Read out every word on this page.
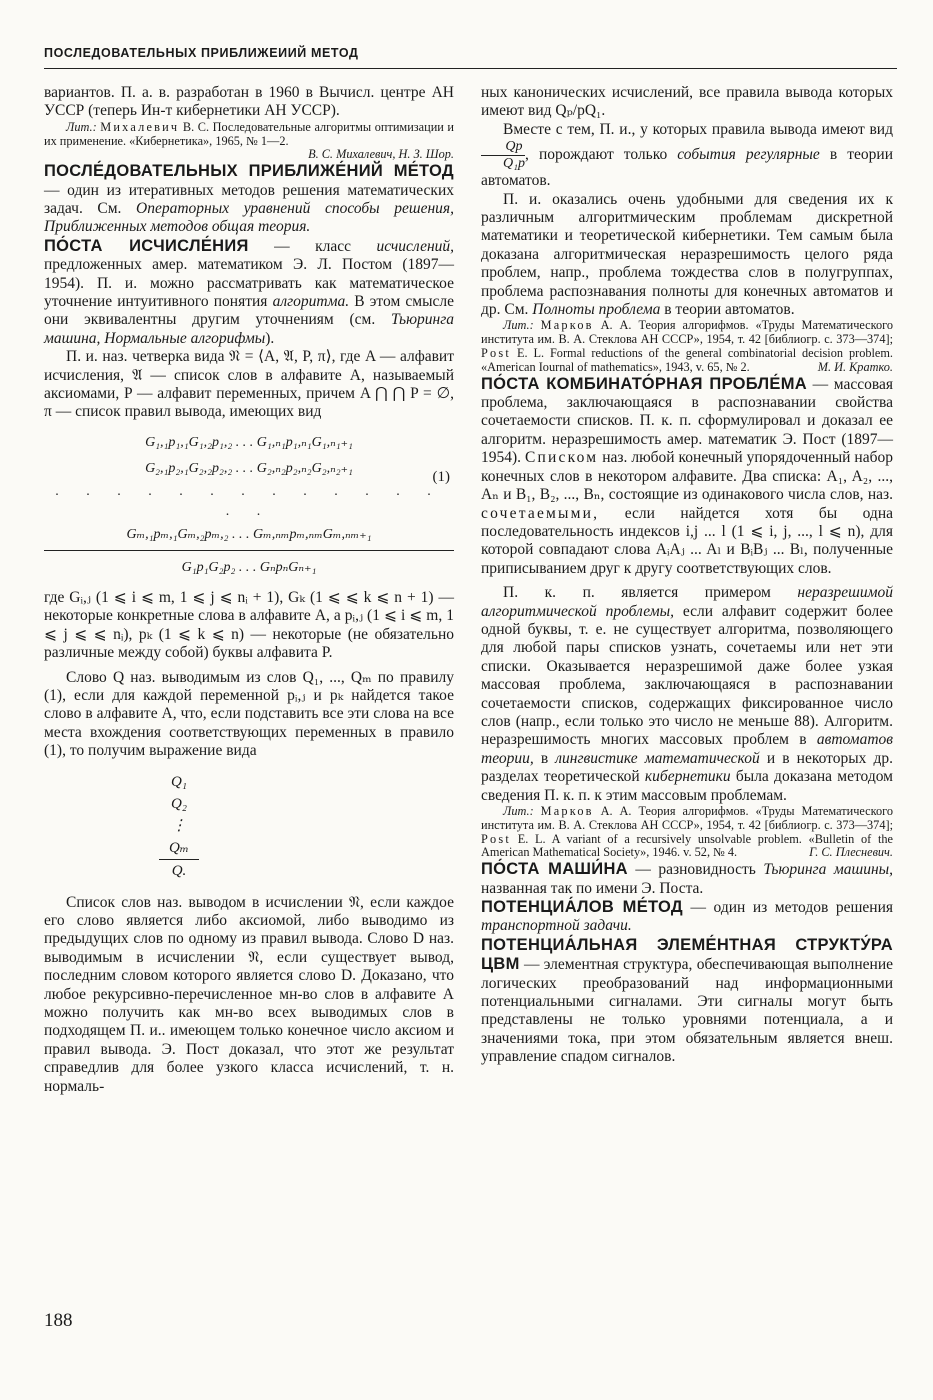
ПОСЛЕДОВАТЕЛЬНЫХ ПРИБЛИЖЕИИЙ МЕТОД

вариантов. П. а. в. разработан в 1960 в Вычисл. центре АН УССР (теперь Ин-т кибернетики АН УССР).

Лит.: Михалевич В. С. Последовательные алгоритмы оптимизации и их применение. «Кибернетика», 1965, № 1—2.
В. С. Михалевич, Н. З. Шор.

ПОСЛЕ́ДОВАТЕЛЬНЫХ ПРИБЛИЖЕ́НИЙ МЕ́ТОД — один из итеративных методов решения математических задач. См. Операторных уравнений способы решения, Приближенных методов общая теория.

ПО́СТА ИСЧИСЛЕ́НИЯ — класс исчислений, предложенных амер. математиком Э. Л. Постом (1897—1954). П. и. можно рассматривать как математическое уточнение интуитивного понятия алгоритма. В этом смысле они эквивалентны другим уточнениям (см. Тьюринга машина, Нормальные алгорифмы).

П. и. наз. четверка вида 𝔑 = ⟨A, 𝔄, P, π⟩, где A — алфавит исчисления, 𝔄 — список слов в алфавите A, называемый аксиомами, P — алфавит переменных, причем A ⋂ ⋂ P = ∅, π — список правил вывода, имеющих вид

G₁,₁p₁,₁G₁,₂p₁,₂ . . . G₁,ₙ₁p₁,ₙ₁G₁,ₙ₁₊₁
G₂,₁p₂,₁G₂,₂p₂,₂ . . . G₂,ₙ₂p₂,ₙ₂G₂,ₙ₂₊₁
(1)
. . . . . . . . . . . . . . .
Gₘ,₁pₘ,₁Gₘ,₂pₘ,₂ . . . Gₘ,ₙₘpₘ,ₙₘGₘ,ₙₘ₊₁
G₁p₁G₂p₂ . . . GₙpₙGₙ₊₁

где Gᵢ,ⱼ (1 ⩽ i ⩽ m, 1 ⩽ j ⩽ nᵢ + 1), Gₖ (1 ⩽ ⩽ k ⩽ n + 1) — некоторые конкретные слова в алфавите A, а pᵢ,ⱼ (1 ⩽ i ⩽ m, 1 ⩽ j ⩽ ⩽ nᵢ), pₖ (1 ⩽ k ⩽ n) — некоторые (не обязательно различные между собой) буквы алфавита P.

Слово Q наз. выводимым из слов Q₁, ..., Qₘ по правилу (1), если для каждой переменной pᵢ,ⱼ и pₖ найдется такое слово в алфавите A, что, если подставить все эти слова на все места вхождения соответствующих переменных в правило (1), то получим выражение вида

Q₁
Q₂
⋮
Qₘ
Q.

Список слов наз. выводом в исчислении 𝔑, если каждое его слово является либо аксиомой, либо выводимо из предыдущих слов по одному из правил вывода. Слово D наз. выводимым в исчислении 𝔑, если существует вывод, последним словом которого является слово D. Доказано, что любое рекурсивно-перечисленное мн-во слов в алфавите A можно получить как мн-во всех выводимых слов в подходящем П. и.. имеющем только конечное число аксиом и правил вывода. Э. Пост доказал, что этот же результат справедлив для более узкого класса исчислений, т. н. нормаль-

ных канонических исчислений, все правила вывода которых имеют вид Qₚ/pQ₁.

Вместе с тем, П. и., у которых правила вывода имеют вид
$\frac{Qp}{\text{Q₁p}}$ , порождают только события регулярные в теории автоматов.

П. и. оказались очень удобными для сведения их к различным алгоритмическим проблемам дискретной математики и теоретической кибернетики. Тем самым была доказана алгоритмическая неразрешимость целого ряда проблем, напр., проблема тождества слов в полугруппах, проблема распознавания полноты для конечных автоматов и др. См. Полноты проблема в теории автоматов.

Лит.: Марков А. А. Теория алгорифмов. «Труды Математического института им. В. А. Стеклова АН СССР», 1954, т. 42 [библиогр. с. 373—374]; Post E. L. Formal reductions of the general combinatorial decision problem. «American Iournal of mathematics», 1943, v. 65, № 2.	М. И. Кратко.

ПО́СТА КОМБИНАТО́РНАЯ ПРОБЛЕ́МА — массовая проблема, заключающаяся в распознавании свойства сочетаемости списков. П. к. п. сформулировал и доказал ее алгоритм. неразрешимость амер. математик Э. Пост (1897—1954). Списком наз. любой конечный упорядоченный набор конечных слов в некотором алфавите. Два списка: A₁, A₂, ..., Aₙ и B₁, B₂, ..., Bₙ, состоящие из одинакового числа слов, наз. сочетаемыми, если найдется хотя бы одна последовательность индексов i,j ... l (1 ⩽ i, j, ..., l ⩽ n), для которой совпадают слова AᵢAⱼ ... Aₗ и BᵢBⱼ ... Bₗ, получeнные приписыванием друг к другу соответствующих слов.

П. к. п. является примером неразрешимой алгоритмической проблемы, если алфавит содержит более одной буквы, т. е. не существует алгоритма, позволяющего для любой пары списков узнать, сочетаемы или нет эти списки. Оказывается неразрешимой даже более узкая массовая проблема, заключающаяся в распознавании сочетаемости списков, содержащих фиксированное число слов (напр., если только это число не меньше 88). Алгоритм. неразрешимость многих массовых проблем в автоматов теории, в лингвистике математической и в некоторых др. разделах теоретической кибернетики была доказана методом сведения П. к. п. к этим массовым проблемам.

Лит.: Марков А. А. Теория алгорифмов. «Труды Математического института им. В. А. Стеклова АН СССР», 1954, т. 42 [библиогр. с. 373—374]; Post E. L. A variant of a recursively unsolvable problem. «Bulletin of the American Mathematical Society», 1946. v. 52, № 4.	Г. С. Плесневич.

ПО́СТА МАШИ́НА — разновидность Тьюринга машины, названная так по имени Э. Поста.

ПОТЕНЦИА́ЛОВ МЕ́ТОД — один из методов решения транспортной задачи.

ПОТЕНЦИА́ЛЬНАЯ ЭЛЕМЕ́НТНАЯ СТРУКТУ́РА ЦВМ — элементная структура, обеспечивающая выполнение логических преобразований над информационными потенциальными сигналами. Эти сигналы могут быть представлены не только уровнями потенциала, а и значениями тока, при этом обязательным является внеш. управление спадом сигналов.

188
